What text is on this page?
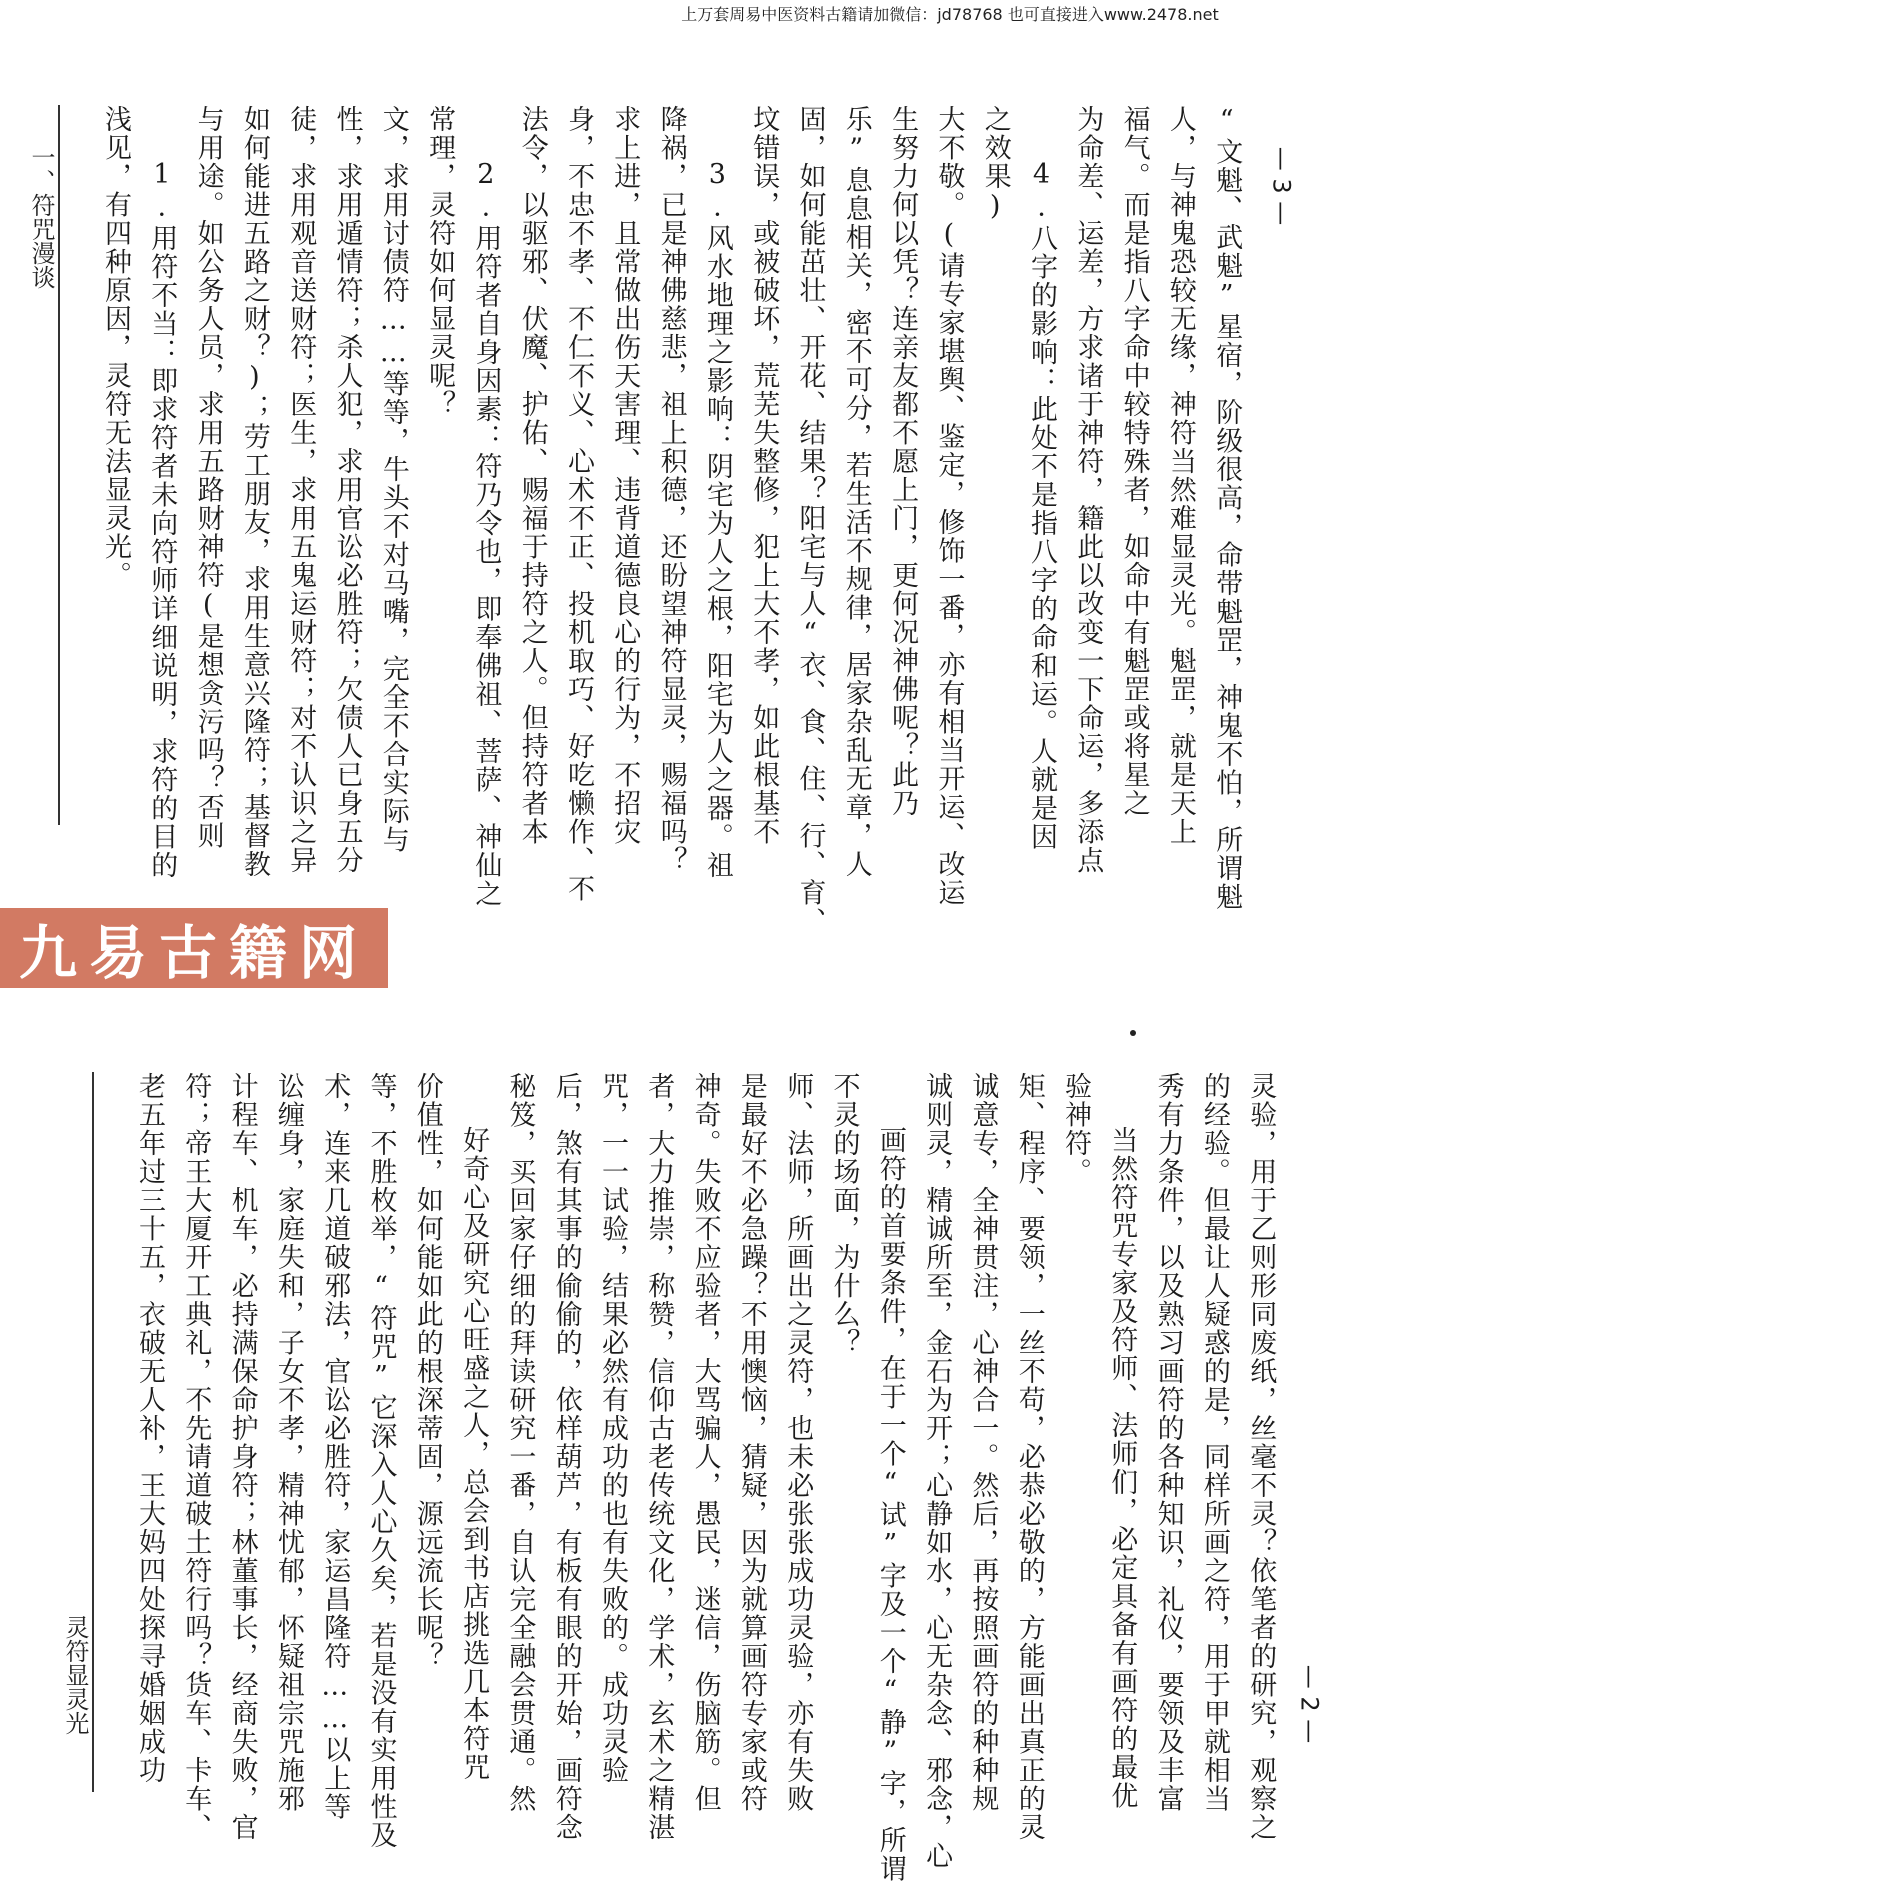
上万套周易中医资料古籍请加微信：jd78768 也可直接进入www.2478.net
一、符咒漫谈 浅见，有四种原因，灵符无法显灵光。 1.用符不当：即求符者未向符师详细说明，求符的目的 与用途。如公务人员，求用五路财神符(是想贪污吗？否则 如何能进五路之财？)；劳工朋友，求用生意兴隆符；基督教 徒，求用观音送财符；医生，求用五鬼运财符；对不认识之异 性，求用遁情符；杀人犯，求用官讼必胜符；欠债人已身五分 文，求用讨债符……等等，牛头不对马嘴，完全不合实际与 常理，灵符如何显灵呢？ 2.用符者自身因素：符乃令也，即奉佛祖、菩萨、神仙之 法令，以驱邪、伏魔、护佑、赐福于持符之人。但持符者本 身，不忠不孝、不仁不义、心术不正、投机取巧、好吃懒作、不 求上进，且常做出伤天害理、违背道德良心的行为，不招灾 降祸，已是神佛慈悲，祖上积德，还盼望神符显灵，赐福吗？ 3.风水地理之影响：阴宅为人之根，阳宅为人之器。祖 坟错误，或被破坏，荒芜失整修，犯上大不孝，如此根基不 固，如何能茁壮、开花、结果？阳宅与人“衣、食、住、行、育、 乐”息息相关，密不可分，若生活不规律，居家杂乱无章，人 生努力何以凭？连亲友都不愿上门，更何况神佛呢？此乃 大不敬。(请专家堪舆、鉴定，修饰一番，亦有相当开运、改运 之效果) 4.八字的影响：此处不是指八字的命和运。人就是因 为命差、运差，方求诸于神符，籍此以改变一下命运，多添点 福气。而是指八字命中较特殊者，如命中有魁罡或将星之 人，与神鬼恐较无缘，神符当然难显灵光。魁罡，就是天上 “文魁、武魁”星宿，阶级很高，命带魁罡，神鬼不怕，所谓魁 — 3 —
九易古籍网
灵符显灵光 老五年过三十五，衣破无人补，王大妈四处探寻婚姻成功 符；帝王大厦开工典礼，不先请道破土符行吗？货车、卡车、 计程车、机车，必持满保命护身符；林董事长，经商失败，官 讼缠身，家庭失和，子女不孝，精神忧郁，怀疑祖宗咒施邪 术，连来几道破邪法，官讼必胜符，家运昌隆符……以上等 等，不胜枚举，“符咒”它深入人心久矣，若是没有实用性及 价值性，如何能如此的根深蒂固，源远流长呢？ 好奇心及研究心旺盛之人，总会到书店挑选几本符咒 秘笈，买回家仔细的拜读研究一番，自认完全融会贯通。然 后，煞有其事的偷偷的，依样葫芦，有板有眼的开始，画符念 咒，一一试验，结果必然有成功的也有失败的。成功灵验 者，大力推崇，称赞，信仰古老传统文化，学术，玄术之精湛 神奇。失败不应验者，大骂骗人，愚民，迷信，伤脑筋。但 是最好不必急躁？不用懊恼，猜疑，因为就算画符专家或符 师、法师，所画出之灵符，也未必张张成功灵验，亦有失败 不灵的场面，为什么？ 画符的首要条件，在于一个“试”字及一个“静”字，所谓 诚则灵，精诚所至，金石为开；心静如水，心无杂念、邪念，心 诚意专，全神贯注，心神合一。然后，再按照画符的种种规 矩、程序、要领，一丝不苟，必恭必敬的，方能画出真正的灵 验神符。 当然符咒专家及符师、法师们，必定具备有画符的最优 秀有力条件，以及熟习画符的各种知识，礼仪，要领及丰富 的经验。但最让人疑惑的是，同样所画之符，用于甲就相当 灵验，用于乙则形同废纸，丝毫不灵？依笔者的研究，观察之 — 2 —
